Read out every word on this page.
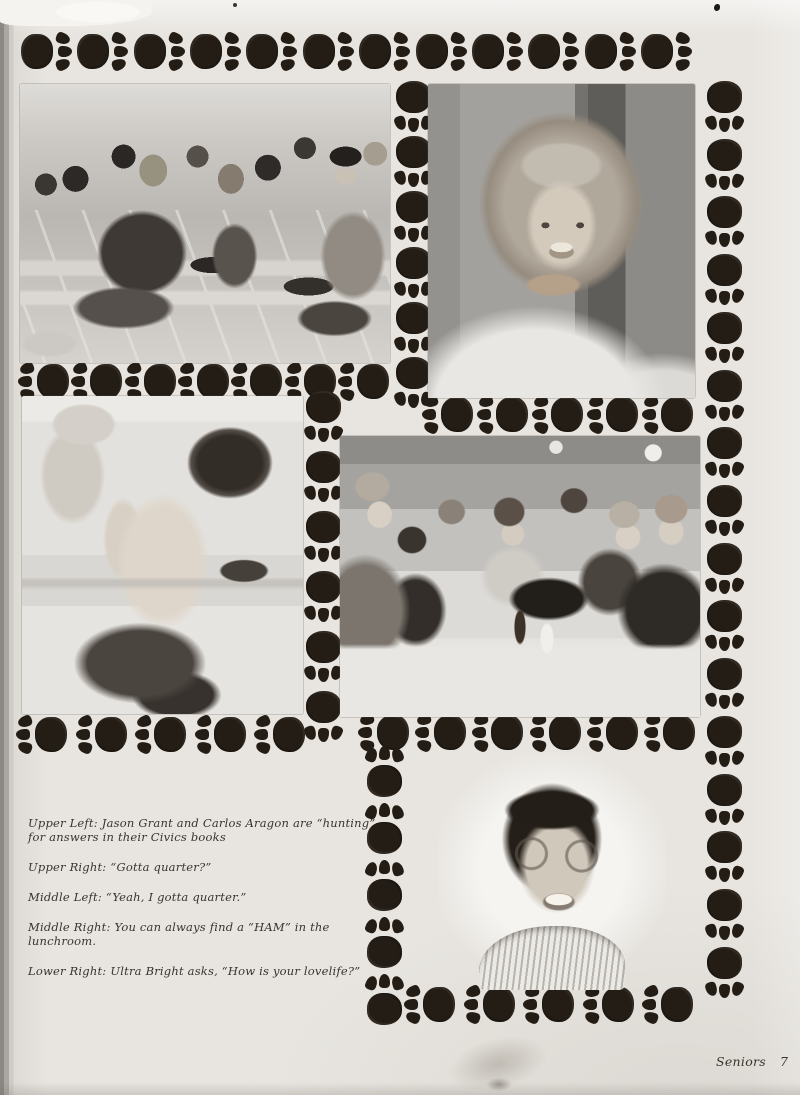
Upper Left: Jason Grant and Carlos Aragon are “hunting” for answers in their Civics books

Upper Right: “Gotta quarter?”

Middle Left: “Yeah, I gotta quarter.”

Middle Right: You can always find a “HAM” in the lunchroom.

Lower Right: Ultra Bright asks, “How is your lovelife?”

Seniors 7
